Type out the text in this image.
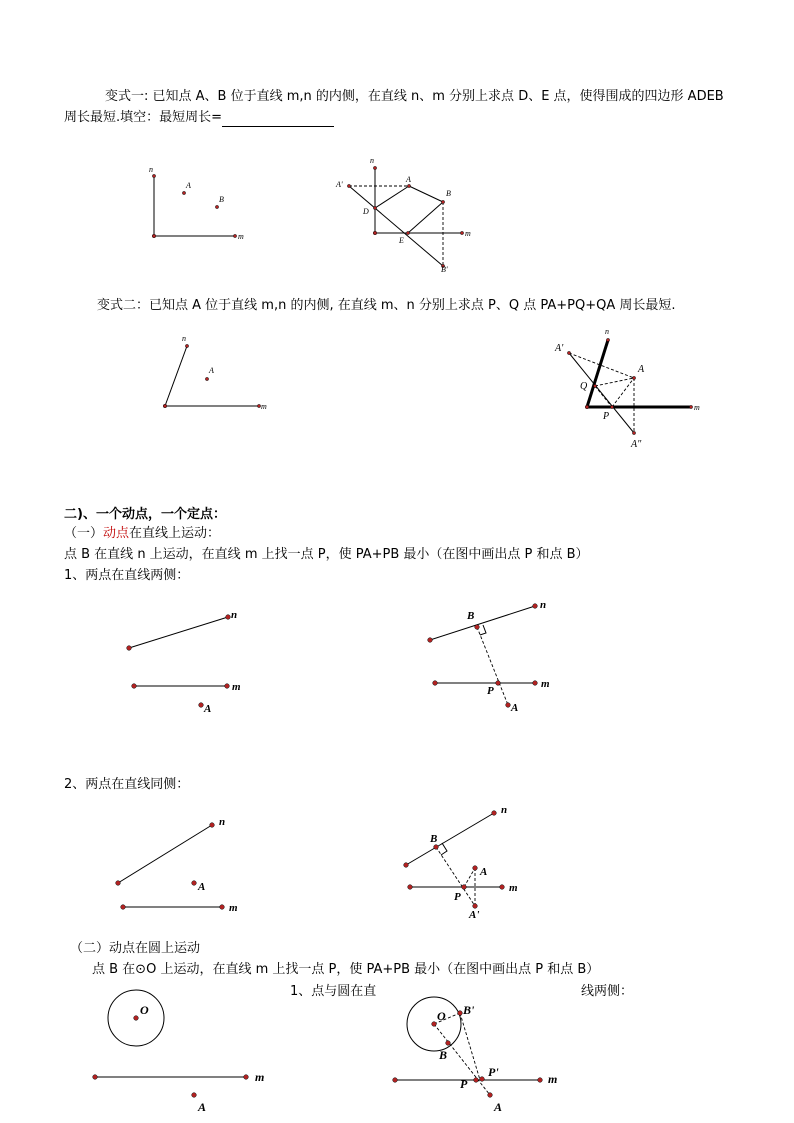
变式一: 已知点 A、B 位于直线 m,n 的内侧，在直线 n、m 分别上求点 D、E 点，使得围成的四边形 ADEB
周长最短.填空：最短周长=
变式二：已知点 A 位于直线 m,n 的内侧, 在直线 m、n 分别上求点 P、Q 点 PA+PQ+QA 周长最短.
二)、一个动点，一个定点：
（一）动点在直线上运动：
点 B 在直线 n 上运动，在直线 m 上找一点 P，使 PA+PB 最小（在图中画出点 P 和点 B）
1、两点在直线两侧：
2、两点在直线同侧：
（二）动点在圆上运动
点 B 在⊙O 上运动，在直线 m 上找一点 P，使 PA+PB 最小（在图中画出点 P 和点 B）
1、点与圆在直	线两侧：
n
m
A
B
n
m
A'
A
B
B'
D
E
n
m
A
n
m
A'
A
Q
P
A"
n
m
A
B
n
m
P
A
n
m
A
B
n
m
A
P
A'
O
m
A
O B'
B
P'
P	m
A
